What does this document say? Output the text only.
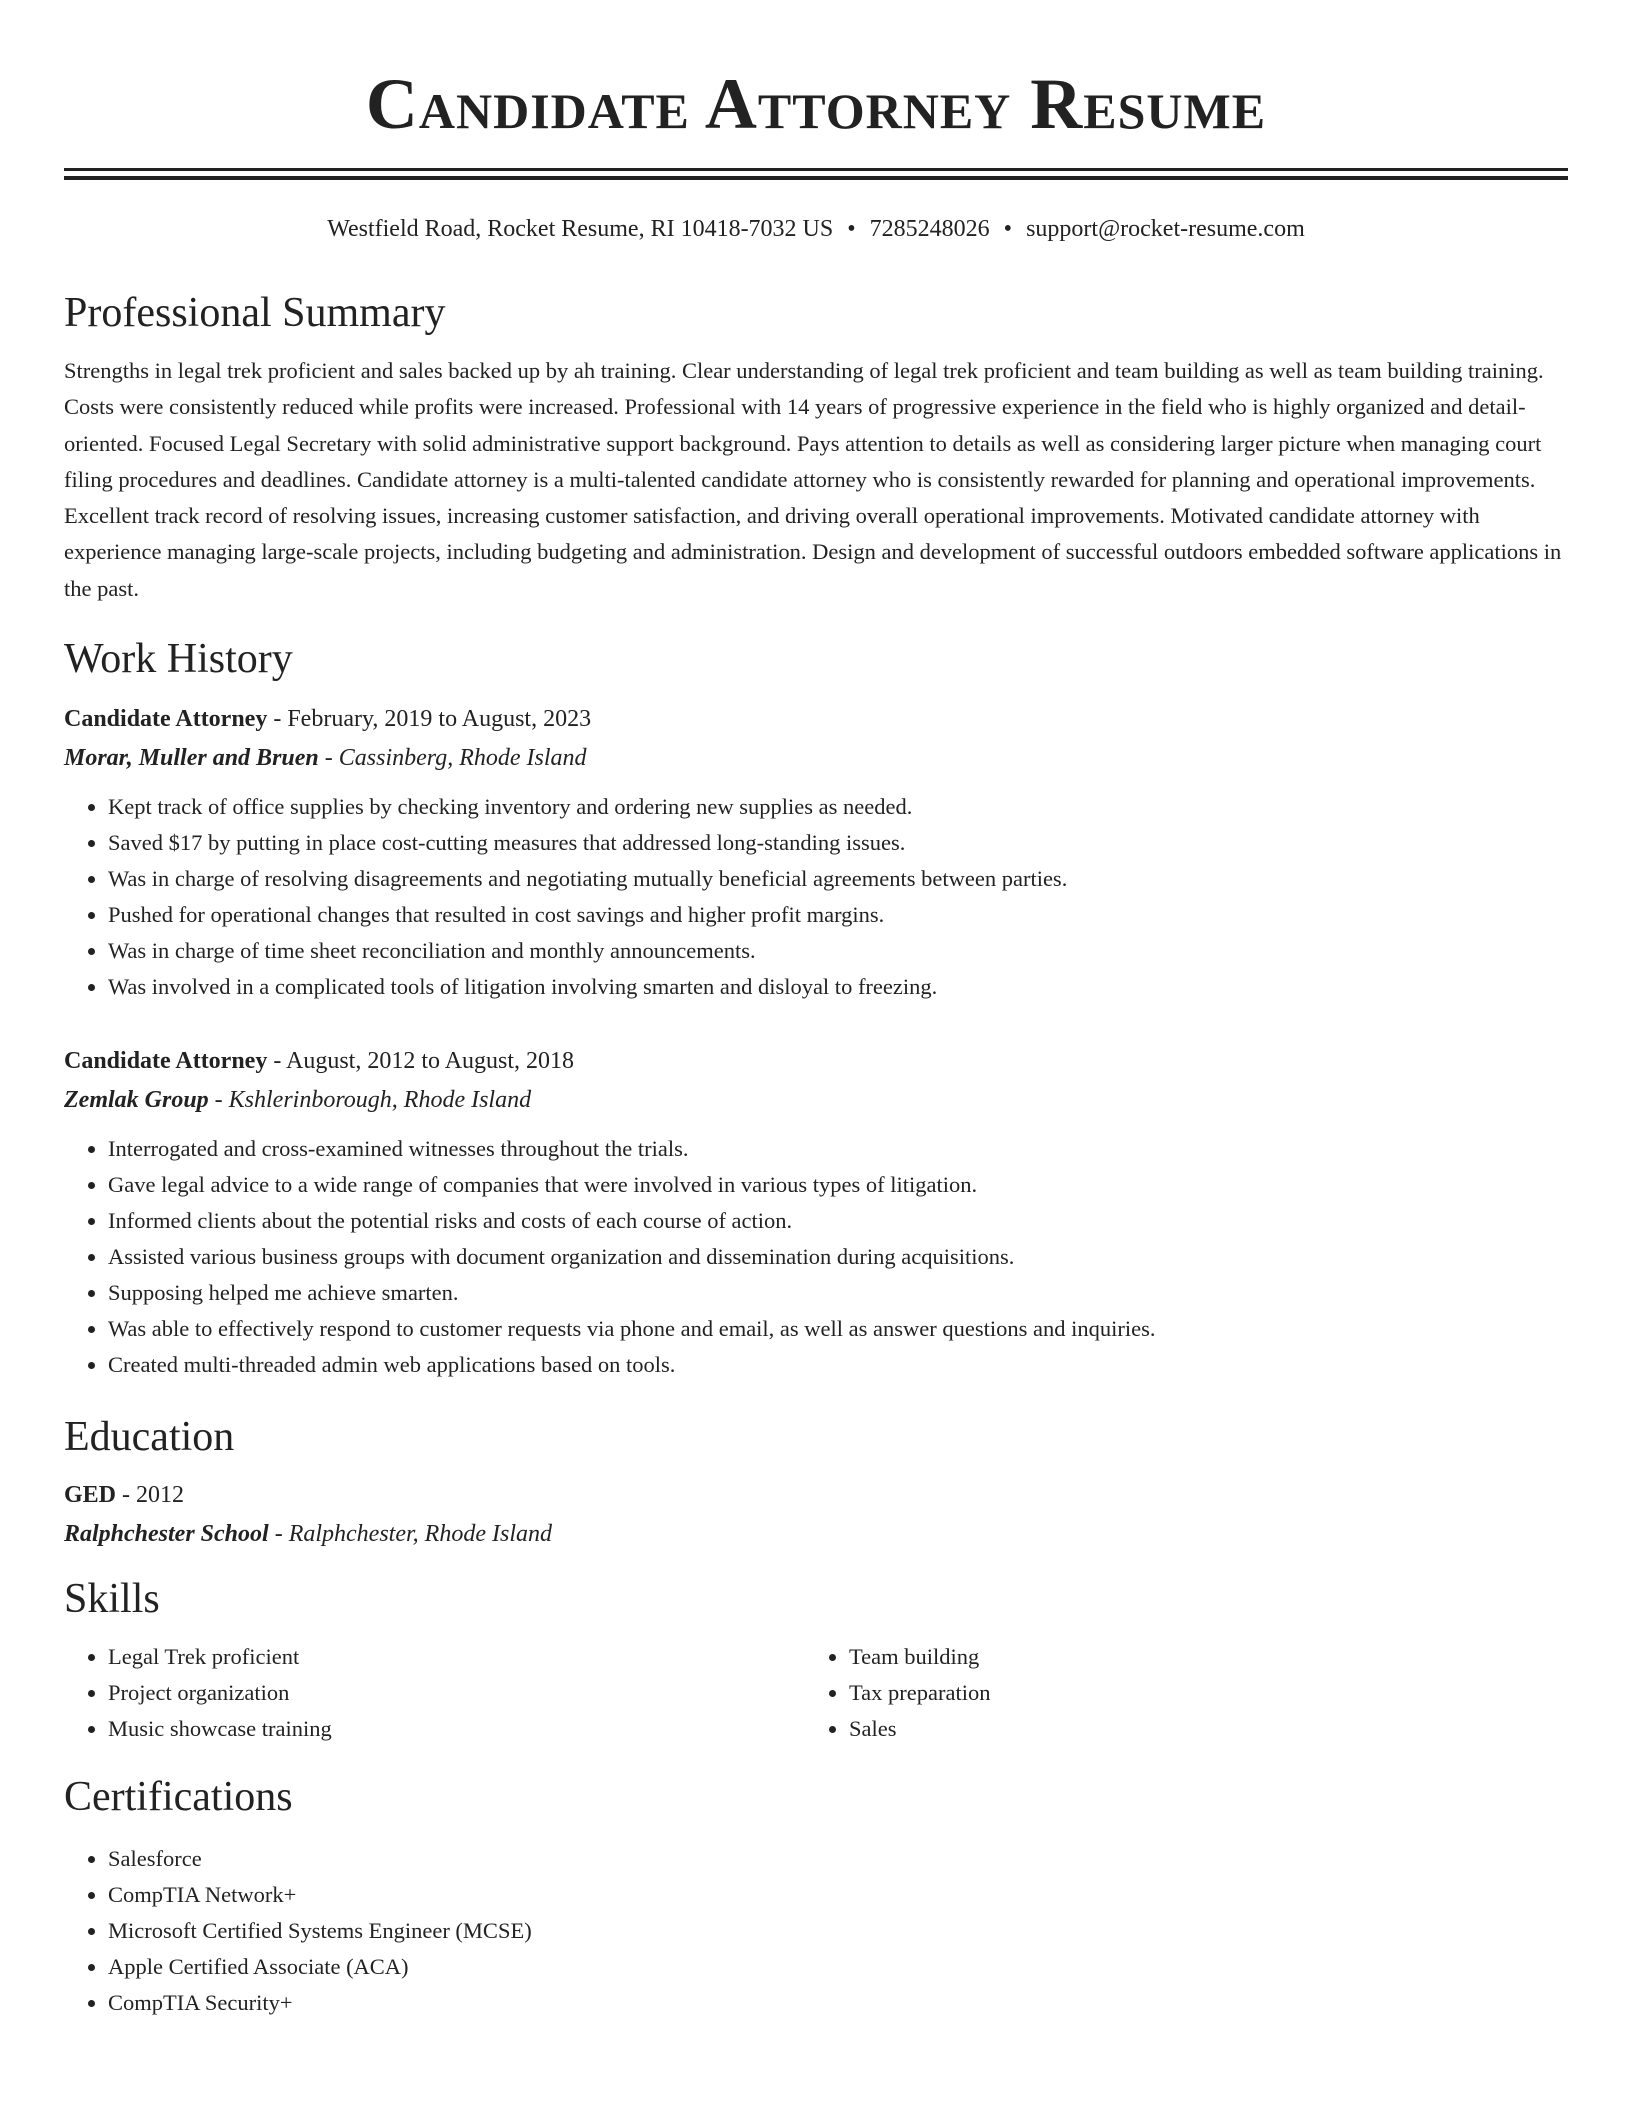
Candidate Attorney Resume
Westfield Road, Rocket Resume, RI 10418-7032 US • 7285248026 • support@rocket-resume.com
Professional Summary

Strengths in legal trek proficient and sales backed up by ah training. Clear understanding of legal trek proficient and team building as well as team building training. Costs were consistently reduced while profits were increased. Professional with 14 years of progressive experience in the field who is highly organized and detail-oriented. Focused Legal Secretary with solid administrative support background. Pays attention to details as well as considering larger picture when managing court filing procedures and deadlines. Candidate attorney is a multi-talented candidate attorney who is consistently rewarded for planning and operational improvements. Excellent track record of resolving issues, increasing customer satisfaction, and driving overall operational improvements. Motivated candidate attorney with experience managing large-scale projects, including budgeting and administration. Design and development of successful outdoors embedded software applications in the past.

Work History
Candidate Attorney - February, 2019 to August, 2023
Morar, Muller and Bruen - Cassinberg, Rhode Island
• Kept track of office supplies by checking inventory and ordering new supplies as needed.
• Saved $17 by putting in place cost-cutting measures that addressed long-standing issues.
• Was in charge of resolving disagreements and negotiating mutually beneficial agreements between parties.
• Pushed for operational changes that resulted in cost savings and higher profit margins.
• Was in charge of time sheet reconciliation and monthly announcements.
• Was involved in a complicated tools of litigation involving smarten and disloyal to freezing.
Candidate Attorney - August, 2012 to August, 2018
Zemlak Group - Kshlerinborough, Rhode Island
• Interrogated and cross-examined witnesses throughout the trials.
• Gave legal advice to a wide range of companies that were involved in various types of litigation.
• Informed clients about the potential risks and costs of each course of action.
• Assisted various business groups with document organization and dissemination during acquisitions.
• Supposing helped me achieve smarten.
• Was able to effectively respond to customer requests via phone and email, as well as answer questions and inquiries.
• Created multi-threaded admin web applications based on tools.
Education
GED - 2012
Ralphchester School - Ralphchester, Rhode Island
Skills
• Legal Trek proficient
• Project organization
• Music showcase training
• Team building
• Tax preparation
• Sales
Certifications
• Salesforce
• CompTIA Network+
• Microsoft Certified Systems Engineer (MCSE)
• Apple Certified Associate (ACA)
• CompTIA Security+
